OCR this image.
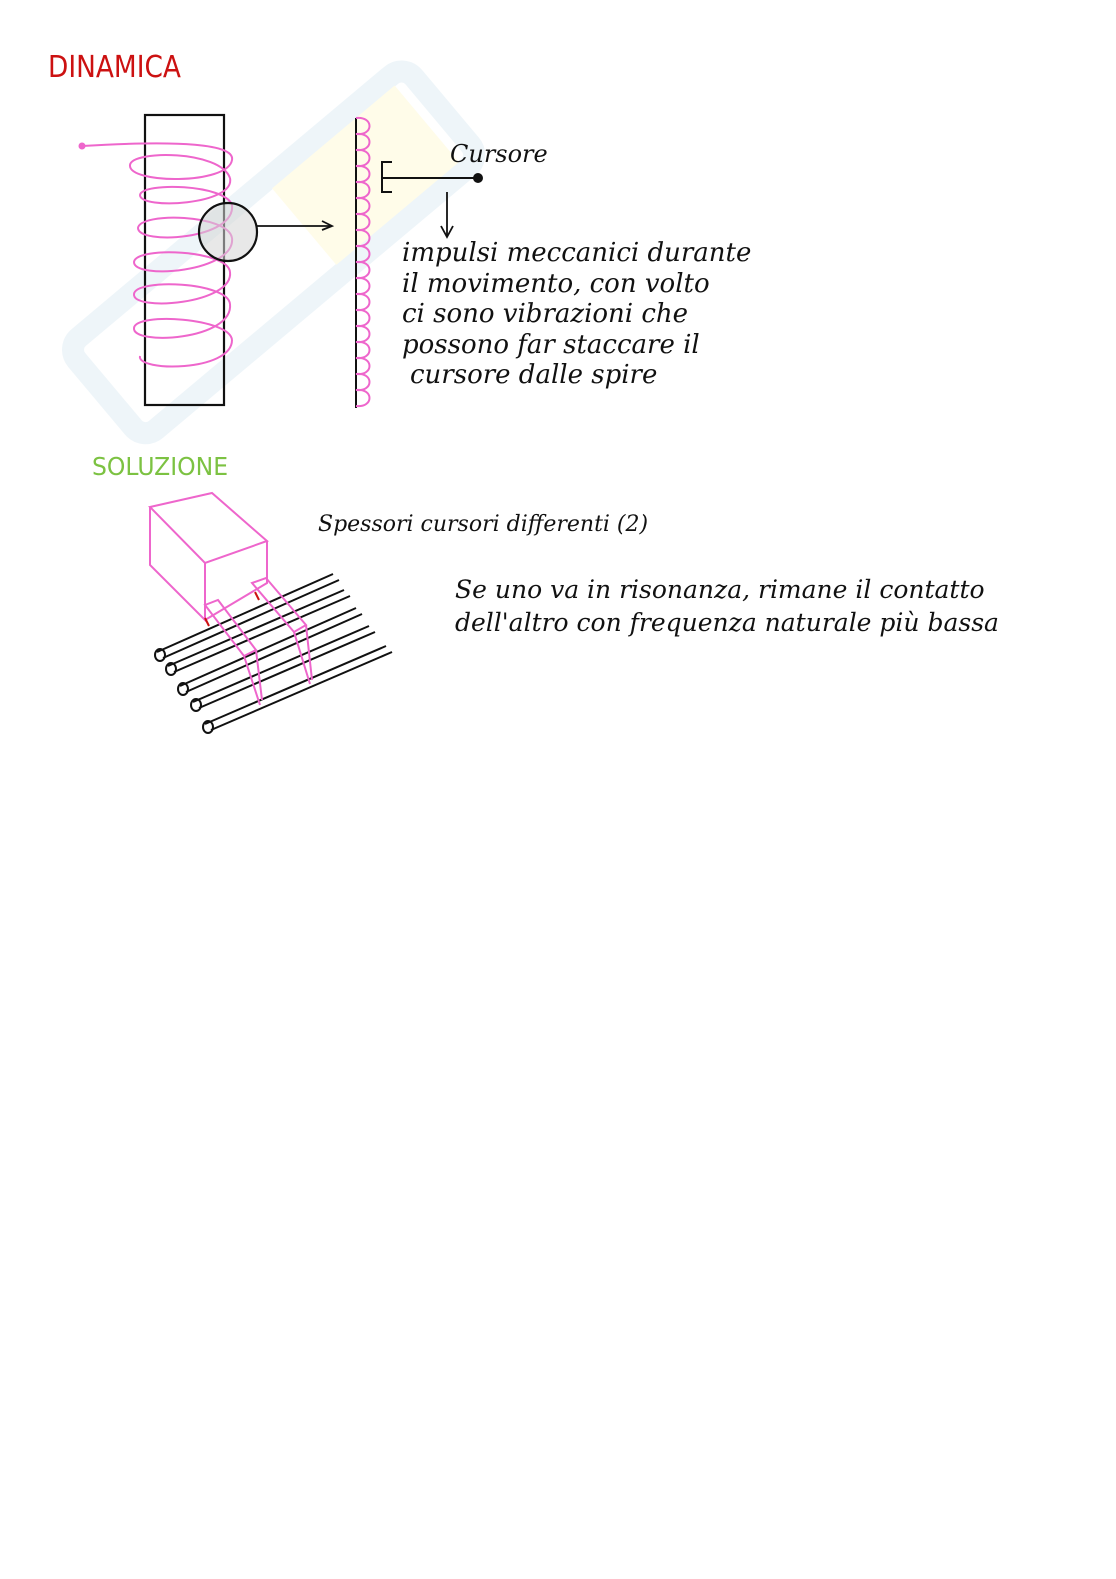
DINAMICA
Cursore
impulsi meccanici durante
il movimento, con volto
ci sono vibrazioni che
possono far staccare il
cursore dalle spire
SOLUZIONE
Spessori cursori differenti (2)
Se uno va in risonanza, rimane il contatto
dell'altro con frequenza naturale più bassa
